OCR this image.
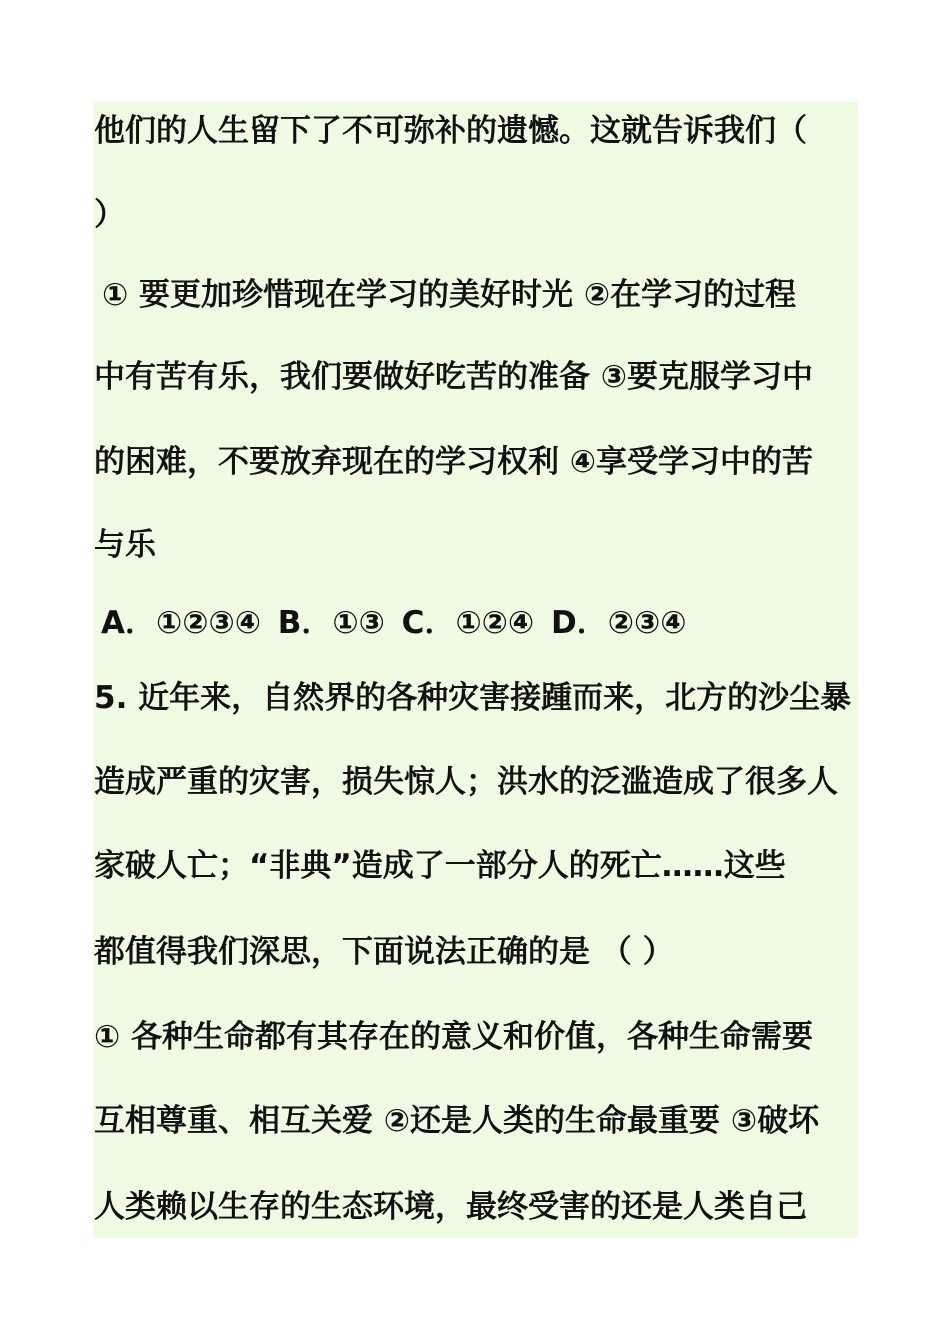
他们的人生留下了不可弥补的遗憾。这就告诉我们（
）
① 要更加珍惜现在学习的美好时光 ②在学习的过程
中有苦有乐，我们要做好吃苦的准备 ③要克服学习中
的困难，不要放弃现在的学习权利 ④享受学习中的苦
与乐
A．①②③④ B．①③ C．①②④ D．②③④
5. 近年来，自然界的各种灾害接踵而来，北方的沙尘暴
造成严重的灾害，损失惊人；洪水的泛滥造成了很多人
家破人亡；“非典”造成了一部分人的死亡……这些
都值得我们深思，下面说法正确的是 （ ）
① 各种生命都有其存在的意义和价值，各种生命需要
互相尊重、相互关爱 ②还是人类的生命最重要 ③破坏
人类赖以生存的生态环境，最终受害的还是人类自己
